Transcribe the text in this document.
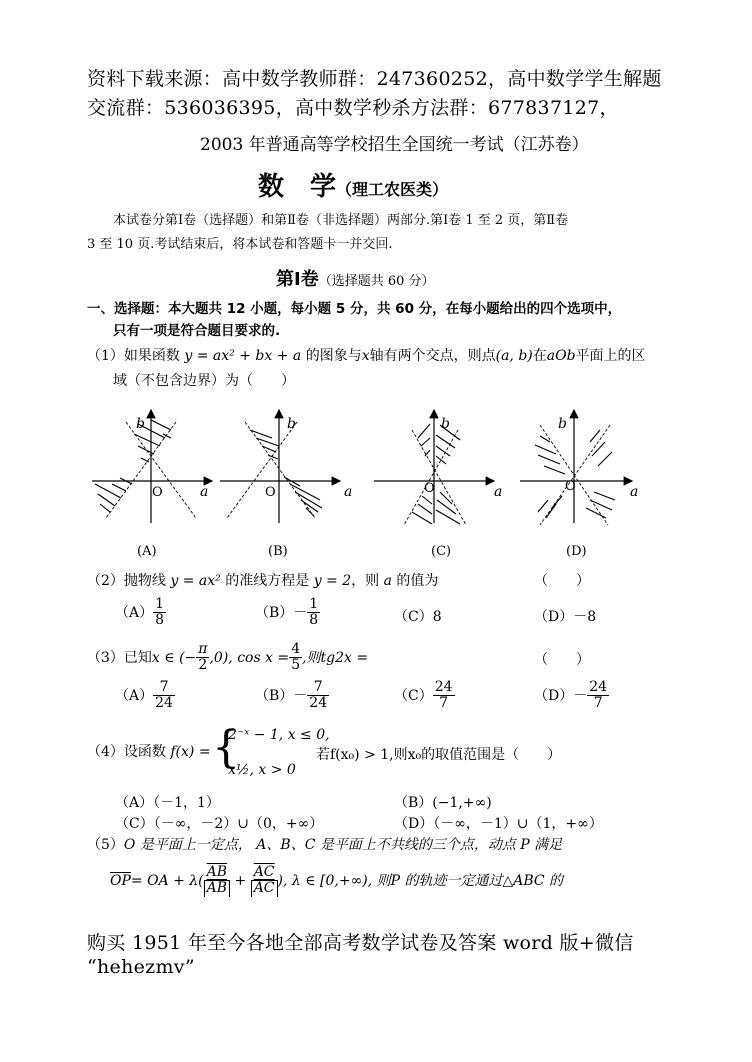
资料下载来源：高中数学教师群：247360252，高中数学学生解题
交流群：536036395，高中数学秒杀方法群：677837127，
2003 年普通高等学校招生全国统一考试（江苏卷）
数　学（理工农医类）
本试卷分第Ⅰ卷（选择题）和第Ⅱ卷（非选择题）两部分.第Ⅰ卷 1 至 2 页，第Ⅱ卷
3 至 10 页.考试结束后，将本试卷和答题卡一并交回.
第Ⅰ卷（选择题共 60 分）
一、选择题：本大题共 12 小题，每小题 5 分，共 60 分，在每小题给出的四个选项中，
只有一项是符合题目要求的.
（1）如果函数 y = ax² + bx + a 的图象与x轴有两个交点，则点(a, b)在aOb平面上的区
域（不包含边界）为（　　）
b
O	a
(A)
b
O	a
(B)
b
O	a
(C)
b
O	a
(D)
（2）抛物线 y = ax² 的准线方程是 y = 2，则 a 的值为	（　　）
$(A) \frac{1}{8}$	$(B)- \frac{1}{8}$	（C）8	（D）－8
（3）已知x ∈ (− $\frac{\pi}{2} ,0$), $\cos x = \frac{4}{5}$ ,则tg2x =	（　　）
$(A) \frac{7}{24}$	$(B)- \frac{7}{24}$	$(C) \frac{24}{7}$	$(D)- \frac{24}{7}$
（4）设函数 f(x) = {
2⁻ˣ − 1, x ≤ 0,
x½, x > 0
若f(x₀) > 1,则x₀的取值范围是（　　）
（A）（－1，1）	（B）(−1,+∞)
（C）（－∞，－2）∪（0，+∞）	（D）（－∞，－1）∪（1，+∞）
（5）O 是平面上一定点， A、B、C 是平面上不共线的三个点，动点 P 满足
$\overline{OP}=$ OA + $\lambda( \frac{\overline{AB}}{AB} + \frac{\overline{AC}}{AC}$ ), λ ∈ [0,+∞), 则P 的轨迹一定通过△ABC 的
购买 1951 年至今各地全部高考数学试卷及答案 word 版+微信
“hehezmv”
